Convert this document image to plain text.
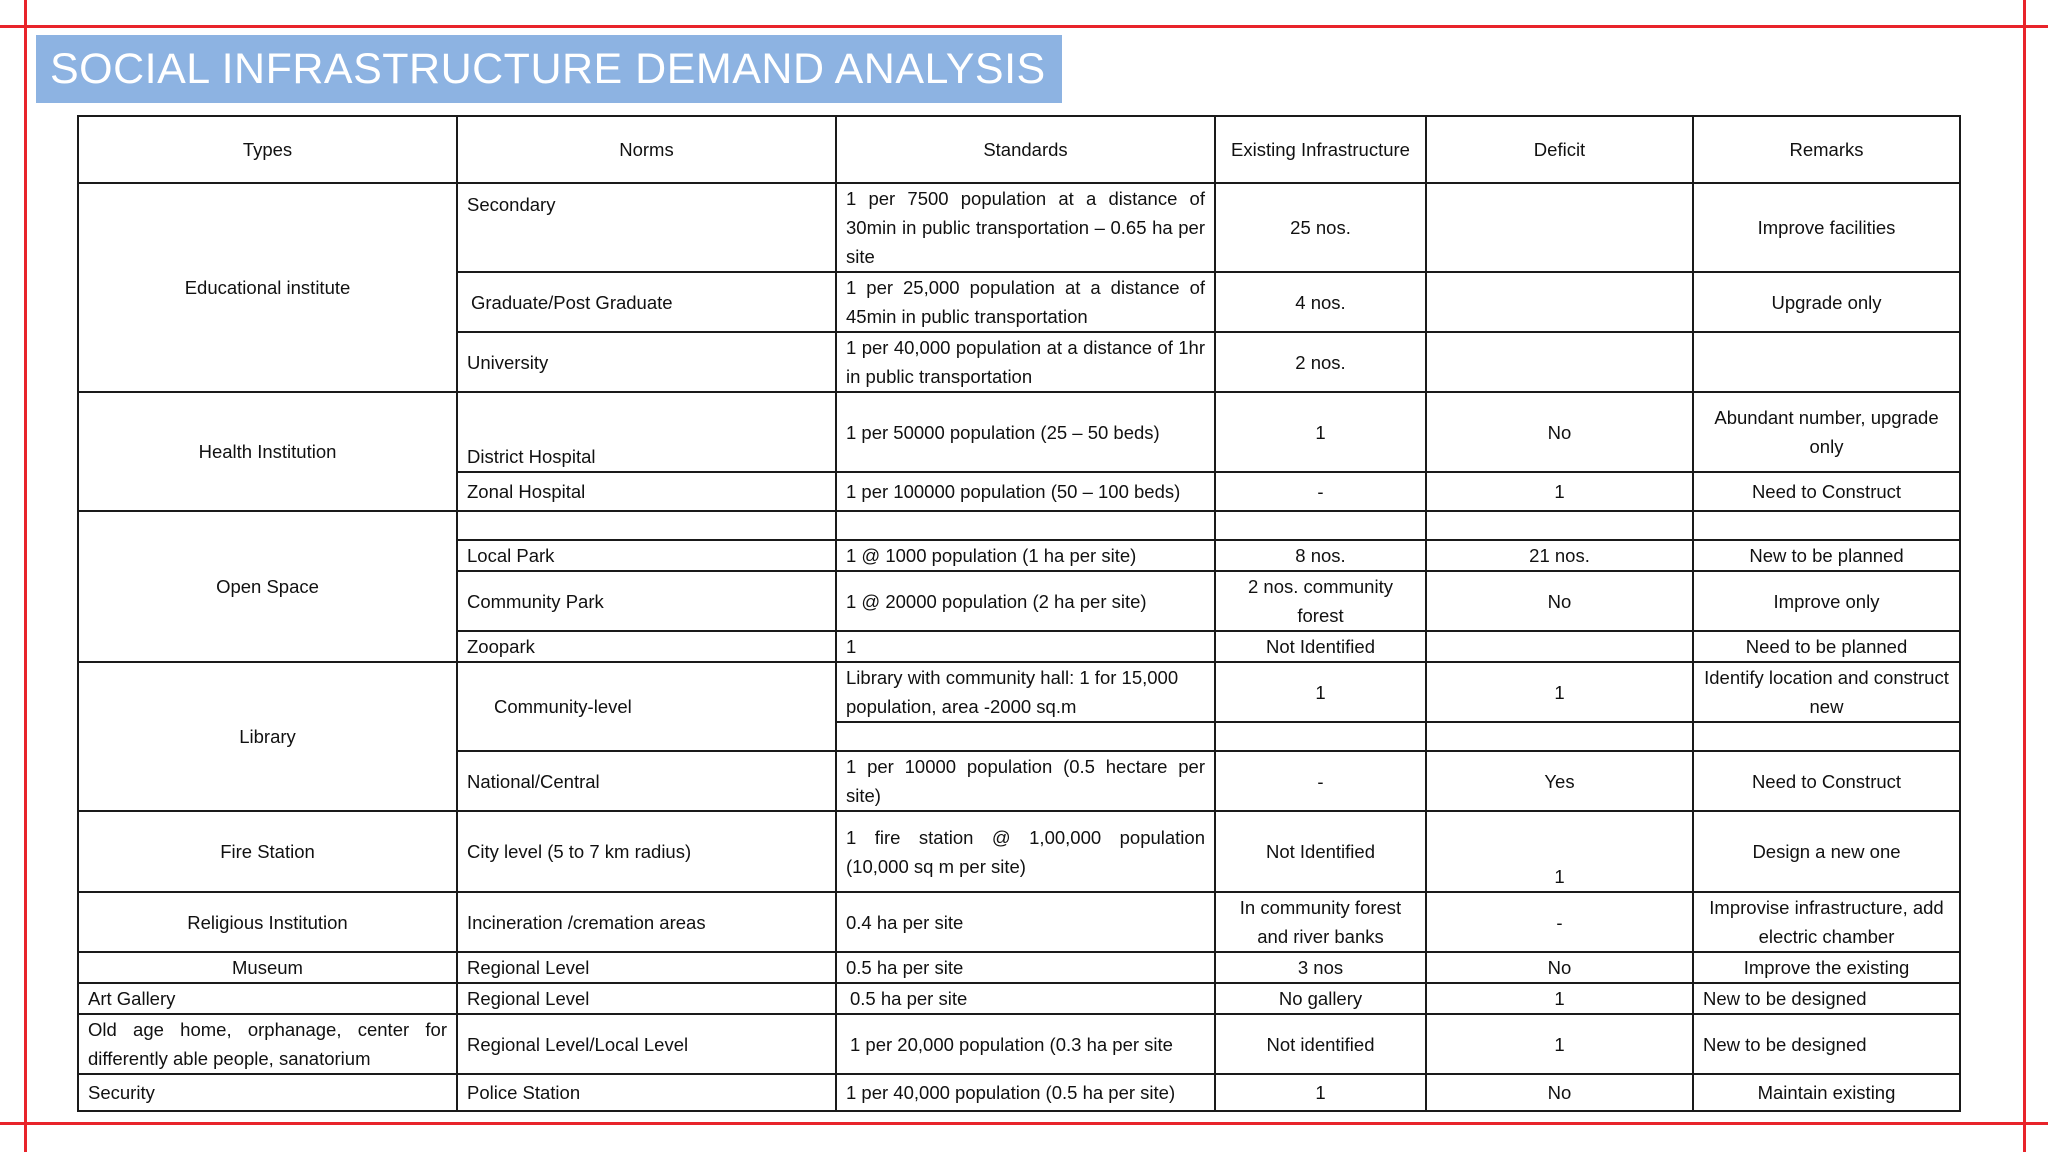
SOCIAL INFRASTRUCTURE DEMAND ANALYSIS
Types	Norms	Standards	Existing Infrastructure	Deficit	Remarks
Educational institute	Secondary	1 per 7500 population at a distance of 30min in public transportation – 0.65 ha per site	25 nos.		Improve facilities
	Graduate/Post Graduate	1 per 25,000 population at a distance of 45min in public transportation	4 nos.		Upgrade only
	University	1 per 40,000 population at a distance of 1hr in public transportation	2 nos.		
Health Institution	District Hospital	1 per 50000 population (25 – 50 beds)	1	No	Abundant number, upgrade only
	Zonal Hospital	1 per 100000 population (50 – 100 beds)	-	1	Need to Construct
Open Space					
	Local Park	1 @ 1000 population (1 ha per site)	8 nos.	21 nos.	New to be planned
	Community Park	1 @ 20000 population (2 ha per site)	2 nos. community forest	No	Improve only
	Zoopark	1	Not Identified		Need to be planned
Library	Community-level	Library with community hall: 1 for 15,000 population, area -2000 sq.m	1	1	Identify location and construct new

	National/Central	1 per 10000 population (0.5 hectare per site)	-	Yes	Need to Construct
Fire Station	City level (5 to 7 km radius)	1 fire station @ 1,00,000 population (10,000 sq m per site)	Not Identified	1	Design a new one
Religious Institution	Incineration /cremation areas	0.4 ha per site	In community forest and river banks	-	Improvise infrastructure, add electric chamber
Museum	Regional Level	0.5 ha per site	3 nos	No	Improve the existing
Art Gallery	Regional Level	0.5 ha per site	No gallery	1	New to be designed
Old age home, orphanage, center for differently able people, sanatorium	Regional Level/Local Level	1 per 20,000 population (0.3 ha per site	Not identified	1	New to be designed
Security	Police Station	1 per 40,000 population (0.5 ha per site)	1	No	Maintain existing
